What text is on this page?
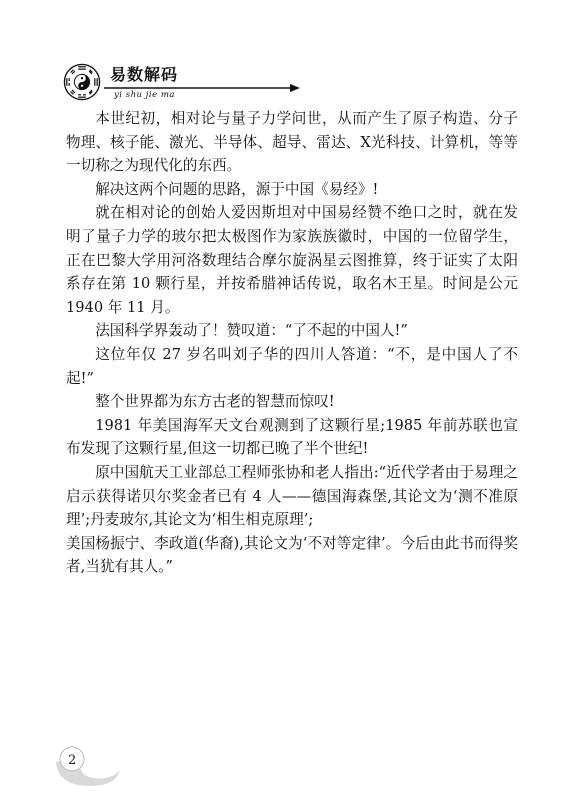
易数解码
yi shu jie ma

本世纪初，相对论与量子力学问世，从而产生了原子构造、分子物理、核子能、激光、半导体、超导、雷达、X光科技、计算机，等等一切称之为现代化的东西。

解决这两个问题的思路，源于中国《易经》!

就在相对论的创始人爱因斯坦对中国易经赞不绝口之时，就在发明了量子力学的玻尔把太极图作为家族族徽时，中国的一位留学生，正在巴黎大学用河洛数理结合摩尔旋涡星云图推算，终于证实了太阳系存在第 10 颗行星，并按希腊神话传说，取名木王星。时间是公元 1940 年 11 月。

法国科学界轰动了！赞叹道：“了不起的中国人!”

这位年仅 27 岁名叫刘子华的四川人答道：“不，是中国人了不起!”

整个世界都为东方古老的智慧而惊叹!

1981 年美国海军天文台观测到了这颗行星;1985 年前苏联也宣布发现了这颗行星,但这一切都已晚了半个世纪!

原中国航天工业部总工程师张协和老人指出:“近代学者由于易理之启示获得诺贝尔奖金者已有 4 人——德国海森堡,其论文为‘测不准原理’;丹麦玻尔,其论文为‘相生相克原理’;

美国杨振宁、李政道(华裔),其论文为‘不对等定律’。今后由此书而得奖者,当犹有其人。”

2
